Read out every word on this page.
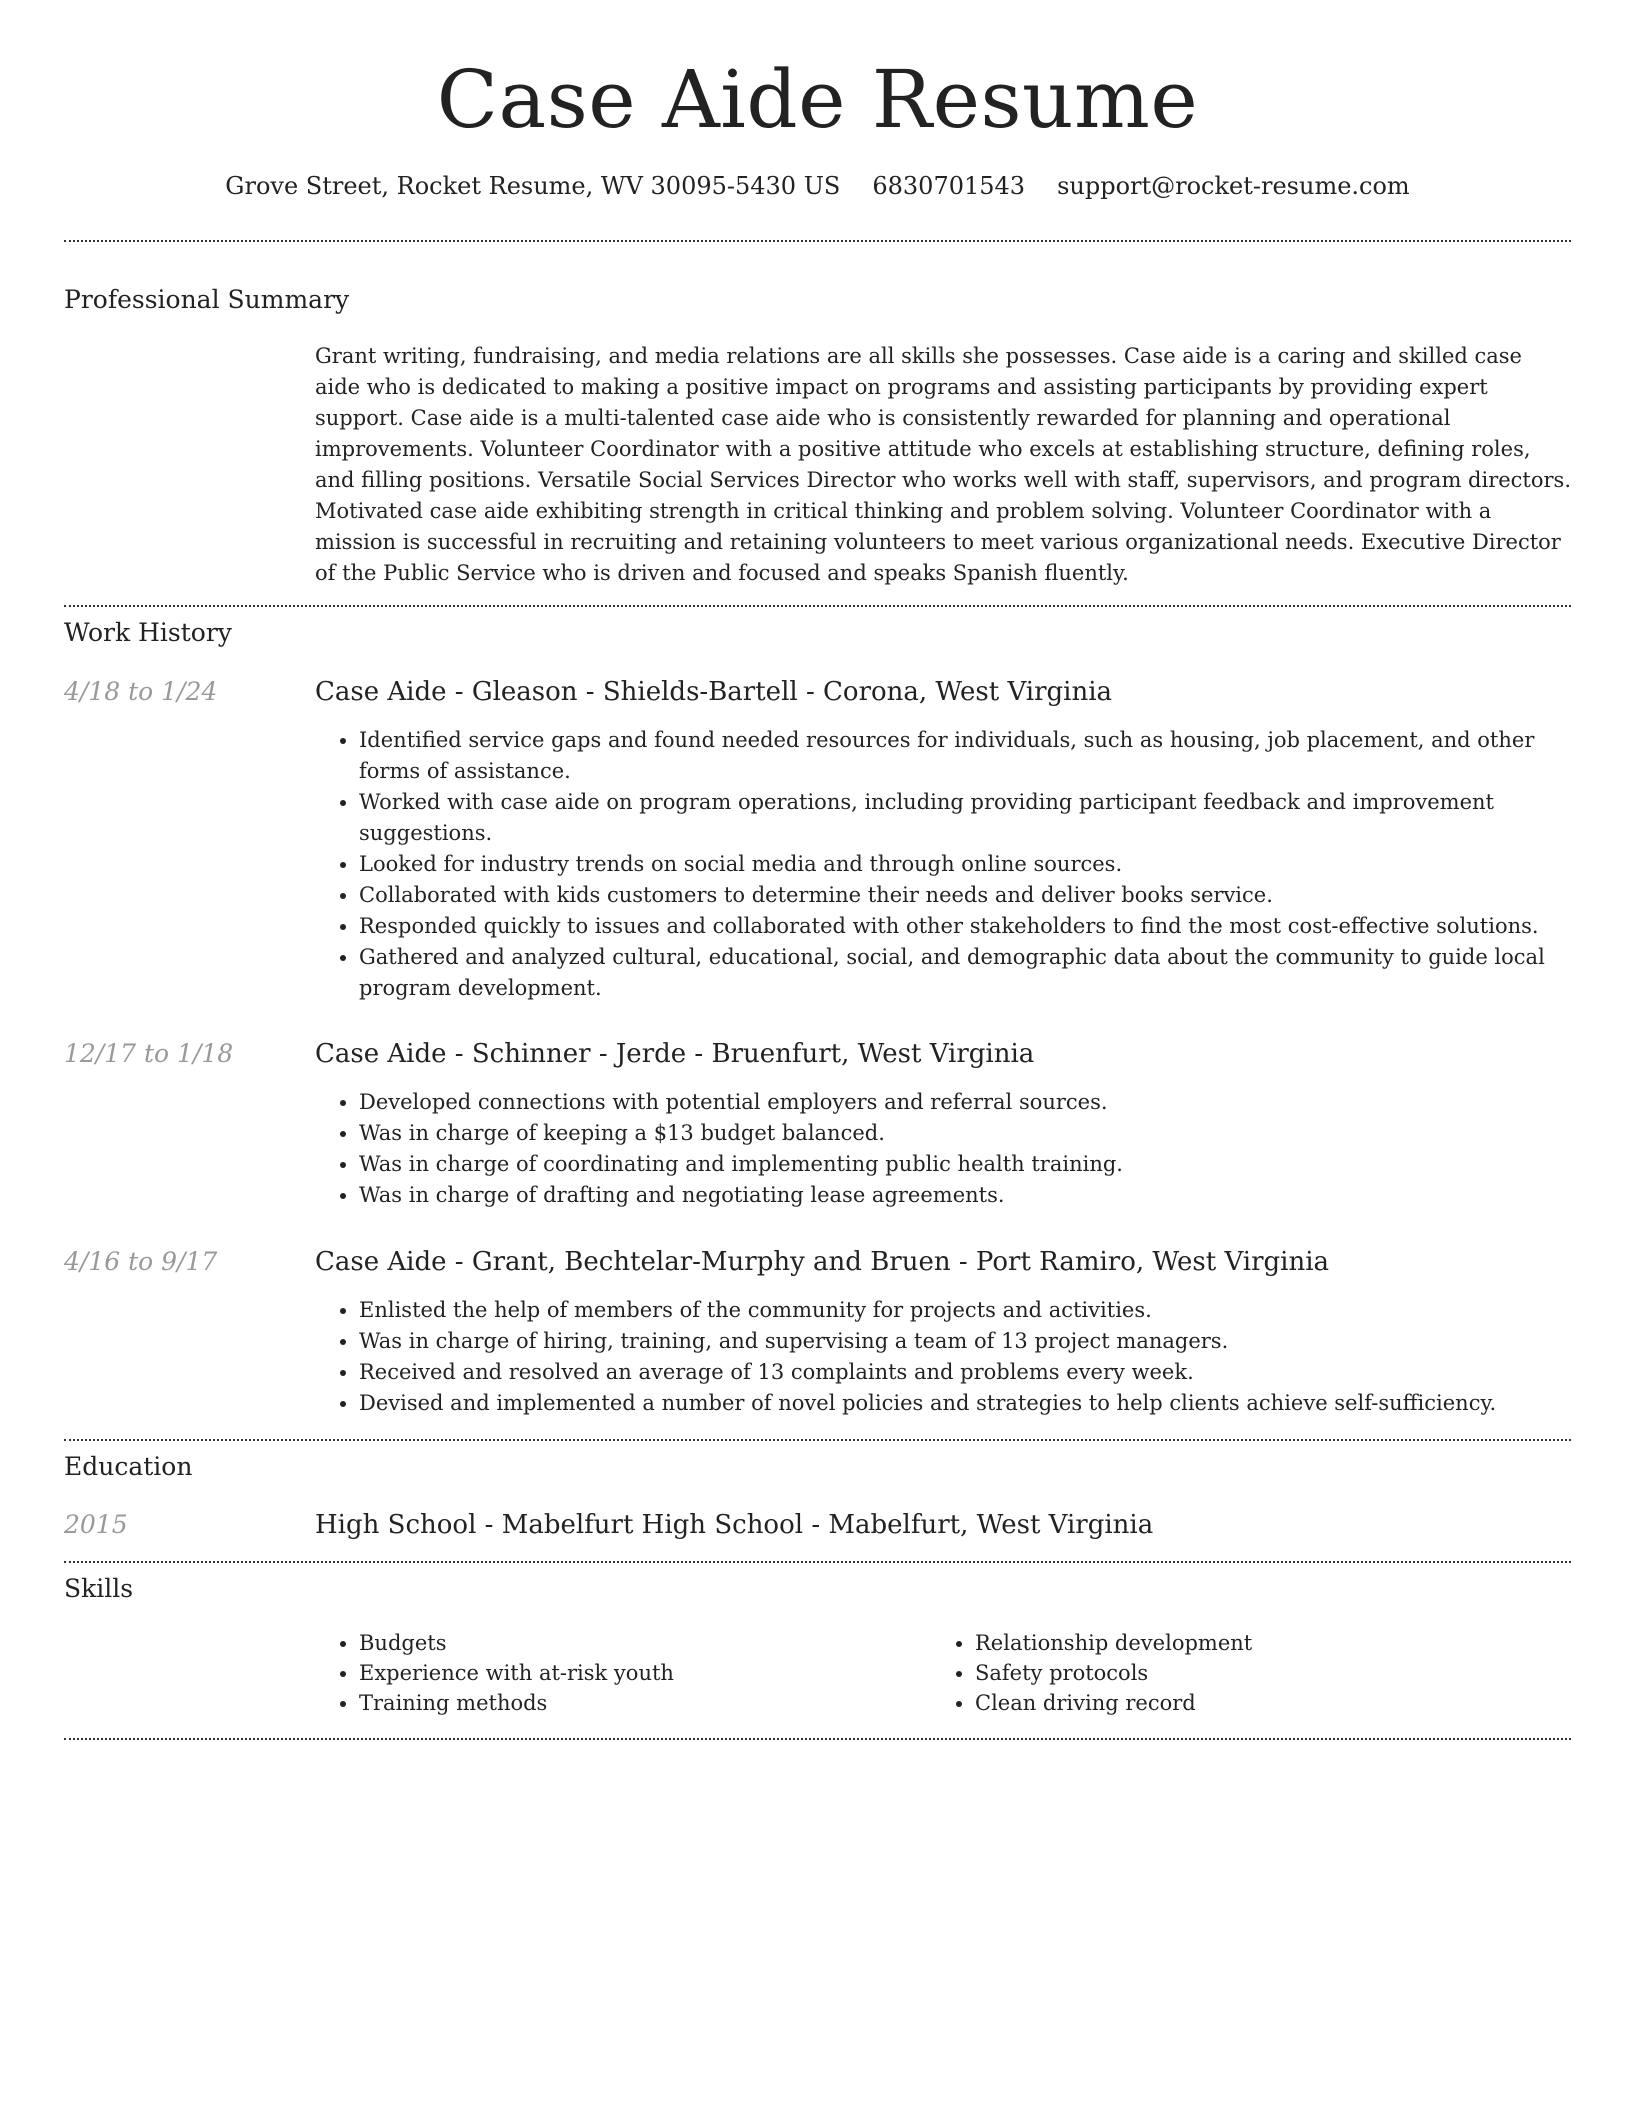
Case Aide Resume
Grove Street, Rocket Resume, WV 30095-5430 US 6830701543 support@rocket-resume.com
Professional Summary
Grant writing, fundraising, and media relations are all skills she possesses. Case aide is a caring and skilled case aide who is dedicated to making a positive impact on programs and assisting participants by providing expert support. Case aide is a multi-talented case aide who is consistently rewarded for planning and operational improvements. Volunteer Coordinator with a positive attitude who excels at establishing structure, defining roles, and filling positions. Versatile Social Services Director who works well with staff, supervisors, and program directors. Motivated case aide exhibiting strength in critical thinking and problem solving. Volunteer Coordinator with a mission is successful in recruiting and retaining volunteers to meet various organizational needs. Executive Director of the Public Service who is driven and focused and speaks Spanish fluently.
Work History
4/18 to 1/24	Case Aide - Gleason - Shields-Bartell - Corona, West Virginia
• Identified service gaps and found needed resources for individuals, such as housing, job placement, and other forms of assistance.
• Worked with case aide on program operations, including providing participant feedback and improvement suggestions.
• Looked for industry trends on social media and through online sources.
• Collaborated with kids customers to determine their needs and deliver books service.
• Responded quickly to issues and collaborated with other stakeholders to find the most cost-effective solutions.
• Gathered and analyzed cultural, educational, social, and demographic data about the community to guide local program development.
12/17 to 1/18	Case Aide - Schinner - Jerde - Bruenfurt, West Virginia
• Developed connections with potential employers and referral sources.
• Was in charge of keeping a $13 budget balanced.
• Was in charge of coordinating and implementing public health training.
• Was in charge of drafting and negotiating lease agreements.
4/16 to 9/17	Case Aide - Grant, Bechtelar-Murphy and Bruen - Port Ramiro, West Virginia
• Enlisted the help of members of the community for projects and activities.
• Was in charge of hiring, training, and supervising a team of 13 project managers.
• Received and resolved an average of 13 complaints and problems every week.
• Devised and implemented a number of novel policies and strategies to help clients achieve self-sufficiency.
Education
2015	High School - Mabelfurt High School - Mabelfurt, West Virginia
Skills
• Budgets
• Experience with at-risk youth
• Training methods
• Relationship development
• Safety protocols
• Clean driving record
